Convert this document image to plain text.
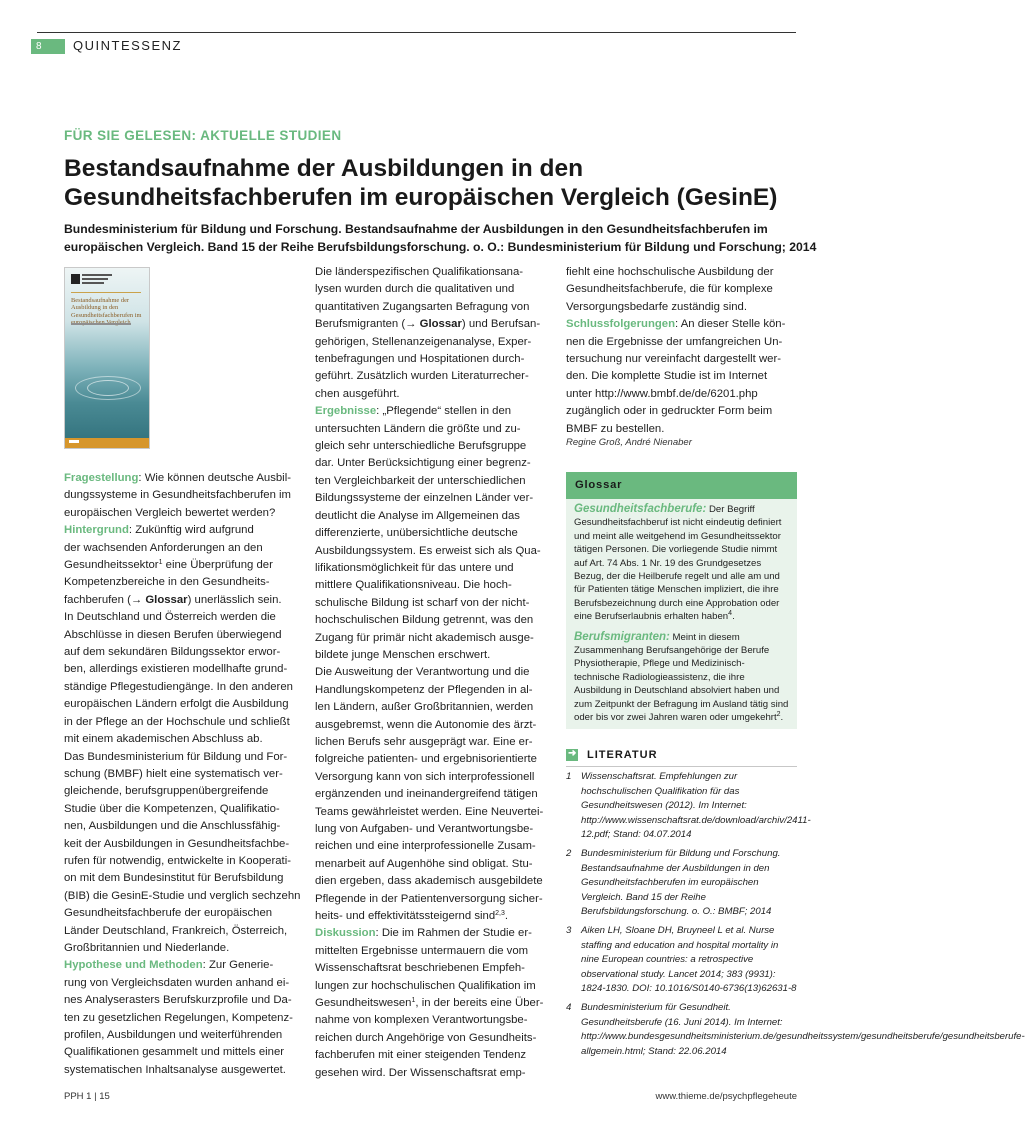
8	QUINTESSENZ
FÜR SIE GELESEN: AKTUELLE STUDIEN
Bestandsaufnahme der Ausbildungen in den
Gesundheitsfachberufen im europäischen Vergleich (GesinE)
Bundesministerium für Bildung und Forschung. Bestandsaufnahme der Ausbildungen in den Gesundheitsfachberufen im
europäischen Vergleich. Band 15 der Reihe Berufsbildungsforschung. o. O.: Bundesministerium für Bildung und Forschung; 2014
Bestandsaufnahme der Ausbildung in den Gesundheitsfachberufen im
Fragestellung: Wie können deutsche Ausbil-
dungssysteme in Gesundheitsfachberufen im
europäischen Vergleich bewertet werden?
Hintergrund: Zukünftig wird aufgrund
der wachsenden Anforderungen an den
Gesundheitssektor$^1$ eine Überprüfung der
Kompetenzbereiche in den Gesundheits-
fachberufen (→ Glossar) unerlässlich sein.
In Deutschland und Österreich werden die
Abschlüsse in diesen Berufen überwiegend
auf dem sekundären Bildungssektor erwor-
ben, allerdings existieren modellhafte grund-
ständige Pflegestudiengänge. In den anderen
europäischen Ländern erfolgt die Ausbildung
in der Pflege an der Hochschule und schließt
mit einem akademischen Abschluss ab.
Das Bundesministerium für Bildung und For-
schung (BMBF) hielt eine systematisch ver-
gleichende, berufsgruppenübergreifende
Studie über die Kompetenzen, Qualifikatio-
nen, Ausbildungen und die Anschlussfähig-
keit der Ausbildungen in Gesundheitsfachbe-
rufen für notwendig, entwickelte in Kooperati-
on mit dem Bundesinstitut für Berufsbildung
(BIB) die GesinE-Studie und verglich sechzehn
Gesundheitsfachberufe der europäischen
Länder Deutschland, Frankreich, Österreich,
Großbritannien und Niederlande.
Hypothese und Methoden: Zur Generie-
rung von Vergleichsdaten wurden anhand ei-
nes Analyserasters Berufskurzprofile und Da-
ten zu gesetzlichen Regelungen, Kompetenz-
profilen, Ausbildungen und weiterführenden
Qualifikationen gesammelt und mittels einer
systematischen Inhaltsanalyse ausgewertet.
Die länderspezifischen Qualifikationsana-
lysen wurden durch die qualitativen und
quantitativen Zugangsarten Befragung von
Berufsmigranten (→ Glossar) und Berufsan-
gehörigen, Stellenanzeigenanalyse, Exper-
tenbefragungen und Hospitationen durch-
geführt. Zusätzlich wurden Literaturrecher-
chen ausgeführt.
Ergebnisse: „Pflegende“ stellen in den
untersuchten Ländern die größte und zu-
gleich sehr unterschiedliche Berufsgruppe
dar. Unter Berücksichtigung einer begrenz-
ten Vergleichbarkeit der unterschiedlichen
Bildungssysteme der einzelnen Länder ver-
deutlicht die Analyse im Allgemeinen das
differenzierte, unübersichtliche deutsche
Ausbildungssystem. Es erweist sich als Qua-
lifikationsmöglichkeit für das untere und
mittlere Qualifikationsniveau. Die hoch-
schulische Bildung ist scharf von der nicht-
hochschulischen Bildung getrennt, was den
Zugang für primär nicht akademisch ausge-
bildete junge Menschen erschwert.
Die Ausweitung der Verantwortung und die
Handlungskompetenz der Pflegenden in al-
len Ländern, außer Großbritannien, werden
ausgebremst, wenn die Autonomie des ärzt-
lichen Berufs sehr ausgeprägt war. Eine er-
folgreiche patienten- und ergebnisorientierte
Versorgung kann von sich interprofessionell
ergänzenden und ineinandergreifend tätigen
Teams gewährleistet werden. Eine Neuvertei-
lung von Aufgaben- und Verantwortungsbe-
reichen und eine interprofessionelle Zusam-
menarbeit auf Augenhöhe sind obligat. Stu-
dien ergeben, dass akademisch ausgebildete
Pflegende in der Patientenversorgung sicher-
heits- und effektivitätssteigernd sind$^{2,3}$.
Diskussion: Die im Rahmen der Studie er-
mittelten Ergebnisse untermauern die vom
Wissenschaftsrat beschriebenen Empfeh-
lungen zur hochschulischen Qualifikation im
Gesundheitswesen$^1$, in der bereits eine Über-
nahme von komplexen Verantwortungsbe-
reichen durch Angehörige von Gesundheits-
fachberufen mit einer steigenden Tendenz
gesehen wird. Der Wissenschaftsrat emp-
fiehlt eine hochschulische Ausbildung der
Gesundheitsfachberufe, die für komplexe
Versorgungsbedarfe zuständig sind.
Schlussfolgerungen: An dieser Stelle kön-
nen die Ergebnisse der umfangreichen Un-
tersuchung nur vereinfacht dargestellt wer-
den. Die komplette Studie ist im Internet
unter http://www.bmbf.de/de/6201.php
zugänglich oder in gedruckter Form beim
BMBF zu bestellen.
Regine Groß, André Nienaber
Glossar
Gesundheitsfachberufe: Der Begriff Gesundheitsfachberuf ist nicht eindeutig definiert und meint alle weitgehend im Gesundheitssektor tätigen Personen. Die vorliegende Studie nimmt auf Art. 74 Abs. 1 Nr. 19 des Grundgesetzes Bezug, der die Heilberufe regelt und alle am und für Patienten tätige Menschen impliziert, die ihre Berufsbezeichnung durch eine Approbation oder eine Berufserlaubnis erhalten haben$^4$.
Berufsmigranten: Meint in diesem Zusammenhang Berufsangehörige der Berufe Physiotherapie, Pflege und Medizinisch-technische Radiologieassistenz, die ihre Ausbildung in Deutschland absolviert haben und zum Zeitpunkt der Befragung im Ausland tätig sind oder bis vor zwei Jahren waren oder umgekehrt$^2$.
➜ LITERATUR
1 Wissenschaftsrat. Empfehlungen zur hochschulischen Qualifikation für das Gesundheitswesen (2012). Im Internet: http://www.wissenschaftsrat.de/download/archiv/2411-12.pdf; Stand: 04.07.2014
2 Bundesministerium für Bildung und Forschung. Bestandsaufnahme der Ausbildungen in den Gesundheitsfachberufen im europäischen Vergleich. Band 15 der Reihe Berufsbildungsforschung. o. O.: BMBF; 2014
3 Aiken LH, Sloane DH, Bruyneel L et al. Nurse staffing and education and hospital mortality in nine European countries: a retrospective observational study. Lancet 2014; 383 (9931): 1824-1830. DOI: 10.1016/S0140-6736(13)62631-8
4 Bundesministerium für Gesundheit. Gesundheitsberufe (16. Juni 2014). Im Internet: http://www.bundesgesundheitsministerium.de/gesundheitssystem/gesundheitsberufe/gesundheitsberufe-allgemein.html; Stand: 22.06.2014
PPH 1 | 15	www.thieme.de/psychpflegeheute
